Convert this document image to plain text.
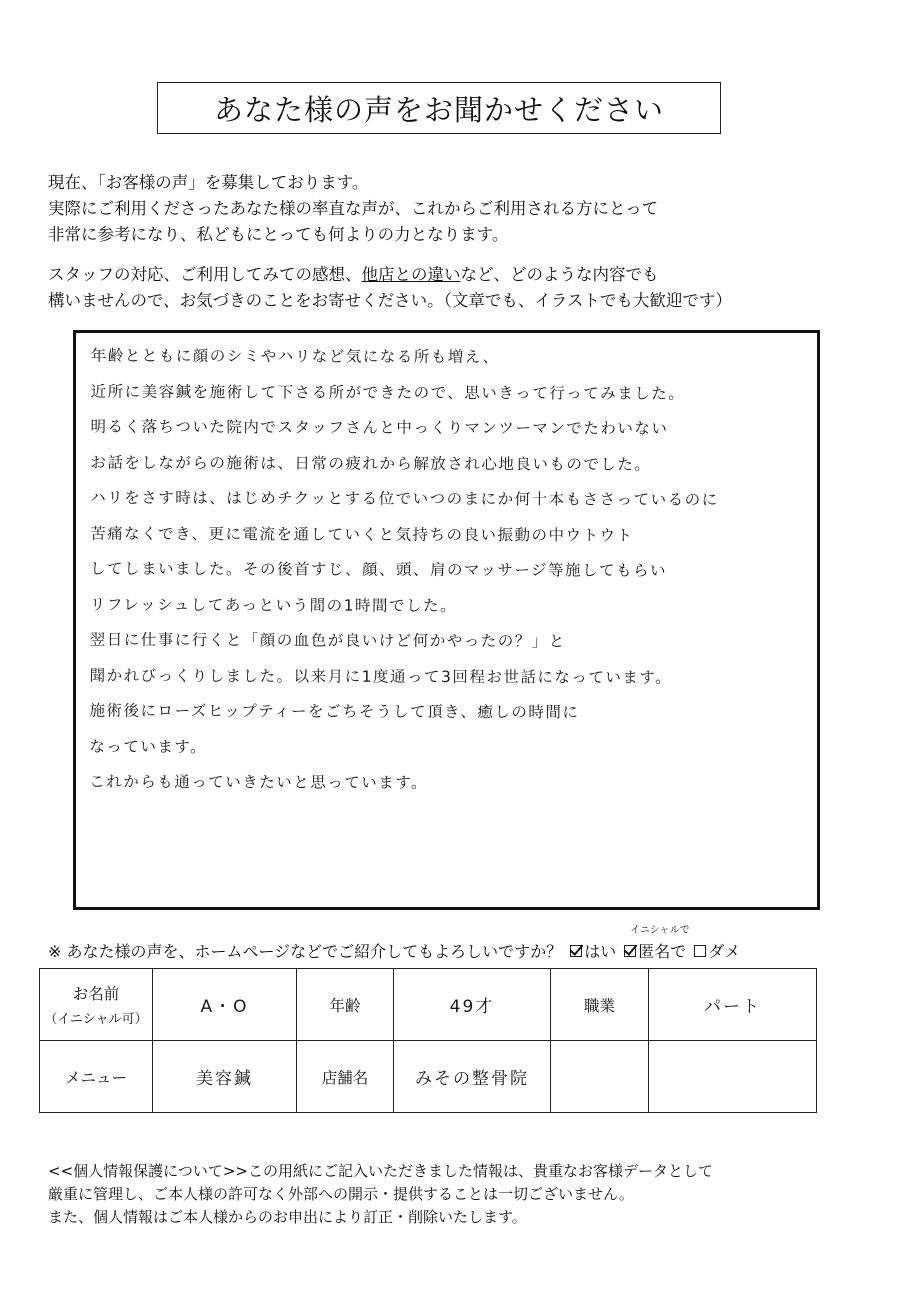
あなた様の声をお聞かせください

現在、「お客様の声」を募集しております。

実際にご利用くださったあなた様の率直な声が、これからご利用される方にとって

非常に参考になり、私どもにとっても何よりの力となります。

スタッフの対応、ご利用してみての感想、他店との違いなど、どのような内容でも

構いませんので、お気づきのことをお寄せください。（文章でも、イラストでも大歓迎です）

年齢とともに顔のシミやハリなど気になる所も増え、
近所に美容鍼を施術して下さる所ができたので、思いきって行ってみました。
明るく落ちついた院内でスタッフさんと中っくりマンツーマンでたわいない
お話をしながらの施術は、日常の疲れから解放され心地良いものでした。
ハリをさす時は、はじめチクッとする位でいつのまにか何十本もささっているのに
苦痛なくでき、更に電流を通していくと気持ちの良い振動の中ウトウト
してしまいました。その後首すじ、顔、頭、肩のマッサージ等施してもらい
リフレッシュしてあっという間の1時間でした。
翌日に仕事に行くと「顔の血色が良いけど何かやったの？」と
聞かれびっくりしました。以来月に1度通って3回程お世話になっています。
施術後にローズヒップティーをごちそうして頂き、癒しの時間に
なっています。
これからも通っていきたいと思っています。
※ あなた様の声を、ホームページなどでご紹介してもよろしいですか？ はい
イニシャルで
匿名で ダメ
お名前
（イニシャル可）	A・O	年齢	49才	職業	パート
メニュー	美容鍼	店舗名	みその整骨院		

<<個人情報保護について>>この用紙にご記入いただきました情報は、貴重なお客様データとして

厳重に管理し、ご本人様の許可なく外部への開示・提供することは一切ございません。

また、個人情報はご本人様からのお申出により訂正・削除いたします。
